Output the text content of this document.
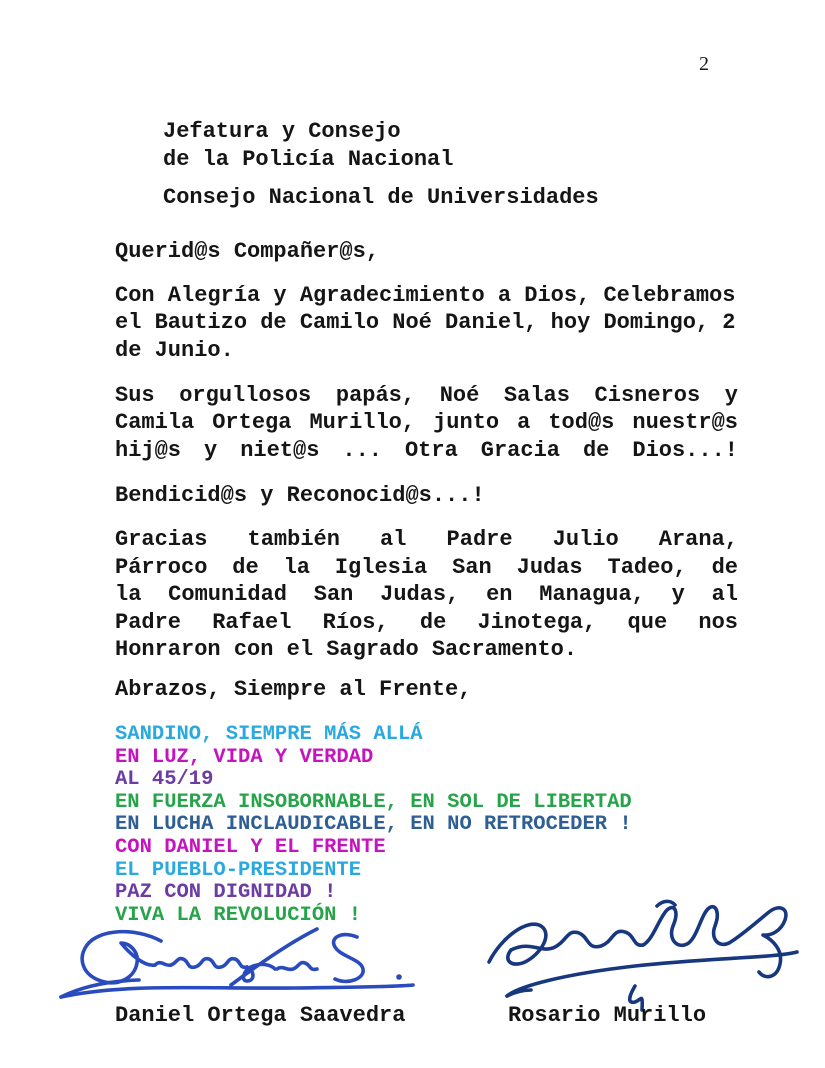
2
Jefatura y Consejo
de la Policía Nacional
Consejo Nacional de Universidades
Querid@s Compañer@s,
Con Alegría y Agradecimiento a Dios, Celebramos
el Bautizo de Camilo Noé Daniel, hoy Domingo, 2
de Junio.
Sus orgullosos papás, Noé Salas Cisneros y
Camila Ortega Murillo, junto a tod@s nuestr@s
hij@s y niet@s ... Otra Gracia de Dios...!
Bendicid@s y Reconocid@s...!
Gracias también al Padre Julio Arana,
Párroco de la Iglesia San Judas Tadeo, de
la Comunidad San Judas, en Managua, y al
Padre Rafael Ríos, de Jinotega, que nos
Honraron con el Sagrado Sacramento.
Abrazos, Siempre al Frente,
SANDINO, SIEMPRE MÁS ALLÁ
EN LUZ, VIDA Y VERDAD
AL 45/19
EN FUERZA INSOBORNABLE, EN SOL DE LIBERTAD
EN LUCHA INCLAUDICABLE, EN NO RETROCEDER !
CON DANIEL Y EL FRENTE
EL PUEBLO-PRESIDENTE
PAZ CON DIGNIDAD !
VIVA LA REVOLUCIÓN !
Daniel Ortega Saavedra	Rosario Murillo
